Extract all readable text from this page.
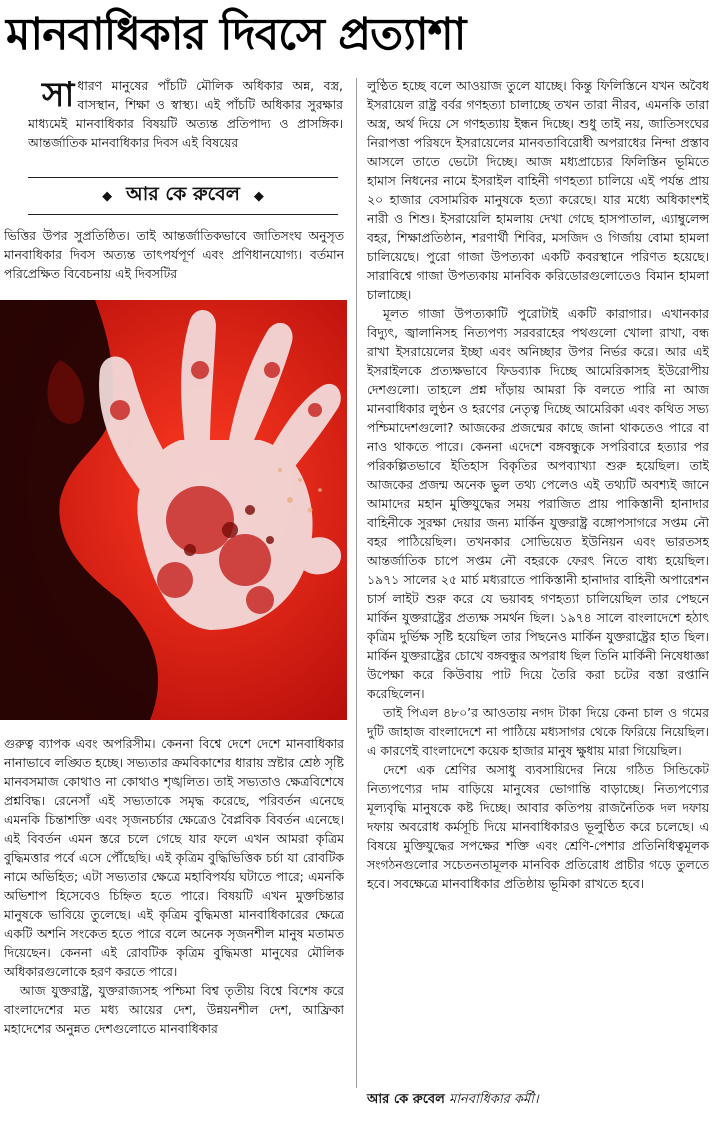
মানবাধিকার দিবসে প্রত্যাশা

সাধারণ মানুষের পাঁচটি মৌলিক অধিকার অন্ন, বস্ত্র, বাসস্থান, শিক্ষা ও স্বাস্থ্য। এই পাঁচটি অধিকার সুরক্ষার মাধ্যমেই মানবাধিকার বিষয়টি অত্যন্ত প্রতিপাদ্য ও প্রাসঙ্গিক। আন্তর্জাতিক মানবাধিকার দিবস এই বিষয়ের

◆ আর কে রুবেল ◆

ভিত্তির উপর সুপ্রতিষ্ঠিত। তাই আন্তর্জাতিকভাবে জাতিসংঘ অনুসৃত মানবাধিকার দিবস অত্যন্ত তাৎপর্যপূর্ণ এবং প্রণিধানযোগ্য। বর্তমান পরিপ্রেক্ষিত বিবেচনায় এই দিবসটির

গুরুত্ব ব্যাপক এবং অপরিসীম। কেননা বিশ্বে দেশে দেশে মানবাধিকার নানাভাবে লঙ্ঘিত হচ্ছে। সভ্যতার ক্রমবিকাশের ধারায় স্রষ্টার শ্রেষ্ঠ সৃষ্টি মানবসমাজ কোথাও না কোথাও শৃঙ্খলিত। তাই সভ্যতাও ক্ষেত্রবিশেষে প্রশ্নবিদ্ধ। রেনেসাঁ এই সভ্যতাকে সমৃদ্ধ করেছে, পরিবর্তন এনেছে এমনকি চিন্তাশক্তি এবং সৃজনচর্চার ক্ষেত্রেও বৈপ্লবিক বিবর্তন এনেছে। এই বিবর্তন এমন স্তরে চলে গেছে যার ফলে এখন আমরা কৃত্রিম বুদ্ধিমত্তার পর্বে এসে পৌঁছেছি। এই কৃত্রিম বুদ্ধিভিত্তিক চর্চা যা রোবটিক নামে অভিহিত; এটা সভ্যতার ক্ষেত্রে মহাবিপর্যয় ঘটাতে পারে; এমনকি অভিশাপ হিসেবেও চিহ্নিত হতে পারে। বিষয়টি এখন মুক্তচিন্তার মানুষকে ভাবিয়ে তুলেছে। এই কৃত্রিম বুদ্ধিমত্তা মানবাধিকারের ক্ষেত্রে একটি অশনি সংকেত হতে পারে বলে অনেক সৃজনশীল মানুষ মতামত দিয়েছেন। কেননা এই রোবটিক কৃত্রিম বুদ্ধিমত্তা মানুষের মৌলিক অধিকারগুলোকে হরণ করতে পারে।

আজ যুক্তরাষ্ট্র, যুক্তরাজ্যসহ পশ্চিমা বিশ্ব তৃতীয় বিশ্বে বিশেষ করে বাংলাদেশের মত মধ্য আয়ের দেশ, উন্নয়নশীল দেশ, আফ্রিকা মহাদেশের অনুন্নত দেশগুলোতে মানবাধিকার

লুণ্ঠিত হচ্ছে বলে আওয়াজ তুলে যাচ্ছে। কিন্তু ফিলিস্তিনে যখন অবৈধ ইসরায়েল রাষ্ট্র বর্বর গণহত্যা চালাচ্ছে তখন তারা নীরব, এমনকি তারা অস্ত্র, অর্থ দিয়ে সে গণহত্যায় ইন্ধন দিচ্ছে। শুধু তাই নয়, জাতিসংঘের নিরাপত্তা পরিষদে ইসরায়েলের মানবতাবিরোধী অপরাধের নিন্দা প্রস্তাব আসলে তাতে ভেটো দিচ্ছে। আজ মধ্যপ্রাচ্যের ফিলিস্তিন ভূমিতে হামাস নিধনের নামে ইসরাইল বাহিনী গণহত্যা চালিয়ে এই পর্যন্ত প্রায় ২০ হাজার বেসামরিক মানুষকে হত্যা করেছে। যার মধ্যে অধিকাংশই নারী ও শিশু। ইসরায়েলি হামলায় দেখা গেছে হাসপাতাল, এ্যাম্বুলেন্স বহর, শিক্ষাপ্রতিষ্ঠান, শরণার্থী শিবির, মসজিদ ও গির্জায় বোমা হামলা চালিয়েছে। পুরো গাজা উপত্যকা একটি কবরস্থানে পরিণত হয়েছে। সারাবিশ্বে গাজা উপত্যকায় মানবিক করিডোরগুলোতেও বিমান হামলা চালাচ্ছে।

মূলত গাজা উপত্যকাটি পুরোটাই একটি কারাগার। এখানকার বিদ্যুৎ, জ্বালানিসহ নিত্যপণ্য সরবরাহের পথগুলো খোলা রাখা, বন্ধ রাখা ইসরায়েলের ইচ্ছা এবং অনিচ্ছার উপর নির্ভর করে। আর এই ইসরাইলকে প্রত্যক্ষভাবে ফিডব্যাক দিচ্ছে আমেরিকাসহ ইউরোপীয় দেশগুলো। তাহলে প্রশ্ন দাঁড়ায় আমরা কি বলতে পারি না আজ মানবাধিকার লুণ্ঠন ও হরণের নেতৃত্ব দিচ্ছে আমেরিকা এবং কথিত সভ্য পশ্চিমাদেশগুলো? আজকের প্রজন্মের কাছে জানা থাকতেও পারে বা নাও থাকতে পারে। কেননা এদেশে বঙ্গবন্ধুকে সপরিবারে হত্যার পর পরিকল্পিতভাবে ইতিহাস বিকৃতির অপব্যাখ্যা শুরু হয়েছিল। তাই আজকের প্রজন্ম অনেক ভুল তথ্য পেলেও এই তথ্যটি অবশ্যই জানে আমাদের মহান মুক্তিযুদ্ধের সময় পরাজিত প্রায় পাকিস্তানী হানাদার বাহিনীকে সুরক্ষা দেয়ার জন্য মার্কিন যুক্তরাষ্ট্র বঙ্গোপসাগরে সপ্তম নৌ বহর পাঠিয়েছিল। তখনকার সোভিয়েত ইউনিয়ন এবং ভারতসহ আন্তর্জাতিক চাপে সপ্তম নৌ বহরকে ফেরৎ নিতে বাধ্য হয়েছিল। ১৯৭১ সালের ২৫ মার্চ মধ্যরাতে পাকিস্তানী হানাদার বাহিনী অপারেশন চার্স লাইট শুরু করে যে ভয়াবহ গণহত্যা চালিয়েছিল তার পেছনে মার্কিন যুক্তরাষ্ট্রের প্রত্যক্ষ সমর্থন ছিল। ১৯৭৪ সালে বাংলাদেশে হঠাৎ কৃত্রিম দুর্ভিক্ষ সৃষ্টি হয়েছিল তার পিছনেও মার্কিন যুক্তরাষ্ট্রের হাত ছিল। মার্কিন যুক্তরাষ্ট্রের চোখে বঙ্গবন্ধুর অপরাধ ছিল তিনি মার্কিনী নিষেধাজ্ঞা উপেক্ষা করে কিউবায় পাট দিয়ে তৈরি করা চটের বস্তা রপ্তানি করেছিলেন।

তাই পিএল ৪৮০’র আওতায় নগদ টাকা দিয়ে কেনা চাল ও গমের দুটি জাহাজ বাংলাদেশে না পাঠিয়ে মধ্যসাগর থেকে ফিরিয়ে নিয়েছিল। এ কারণেই বাংলাদেশে কয়েক হাজার মানুষ ক্ষুধায় মারা গিয়েছিল।

দেশে এক শ্রেণির অসাধু ব্যবসায়িদের নিয়ে গঠিত সিন্ডিকেট নিত্যপণ্যের দাম বাড়িয়ে মানুষের ভোগান্তি বাড়াচ্ছে। নিত্যপণ্যের মূল্যবৃদ্ধি মানুষকে কষ্ট দিচ্ছে। আবার কতিপয় রাজনৈতিক দল দফায় দফায় অবরোধ কর্মসূচি দিয়ে মানবাধিকারও ভূলুণ্ঠিত করে চলেছে। এ বিষয়ে মুক্তিযুদ্ধের সপক্ষের শক্তি এবং শ্রেণি-পেশার প্রতিনিধিত্বমূলক সংগঠনগুলোর সচেতনতামূলক মানবিক প্রতিরোধ প্রাচীর গড়ে তুলতে হবে। সবক্ষেত্রে মানবাধিকার প্রতিষ্ঠায় ভূমিকা রাখতে হবে।

আর কে রুবেল মানবাধিকার কর্মী।
